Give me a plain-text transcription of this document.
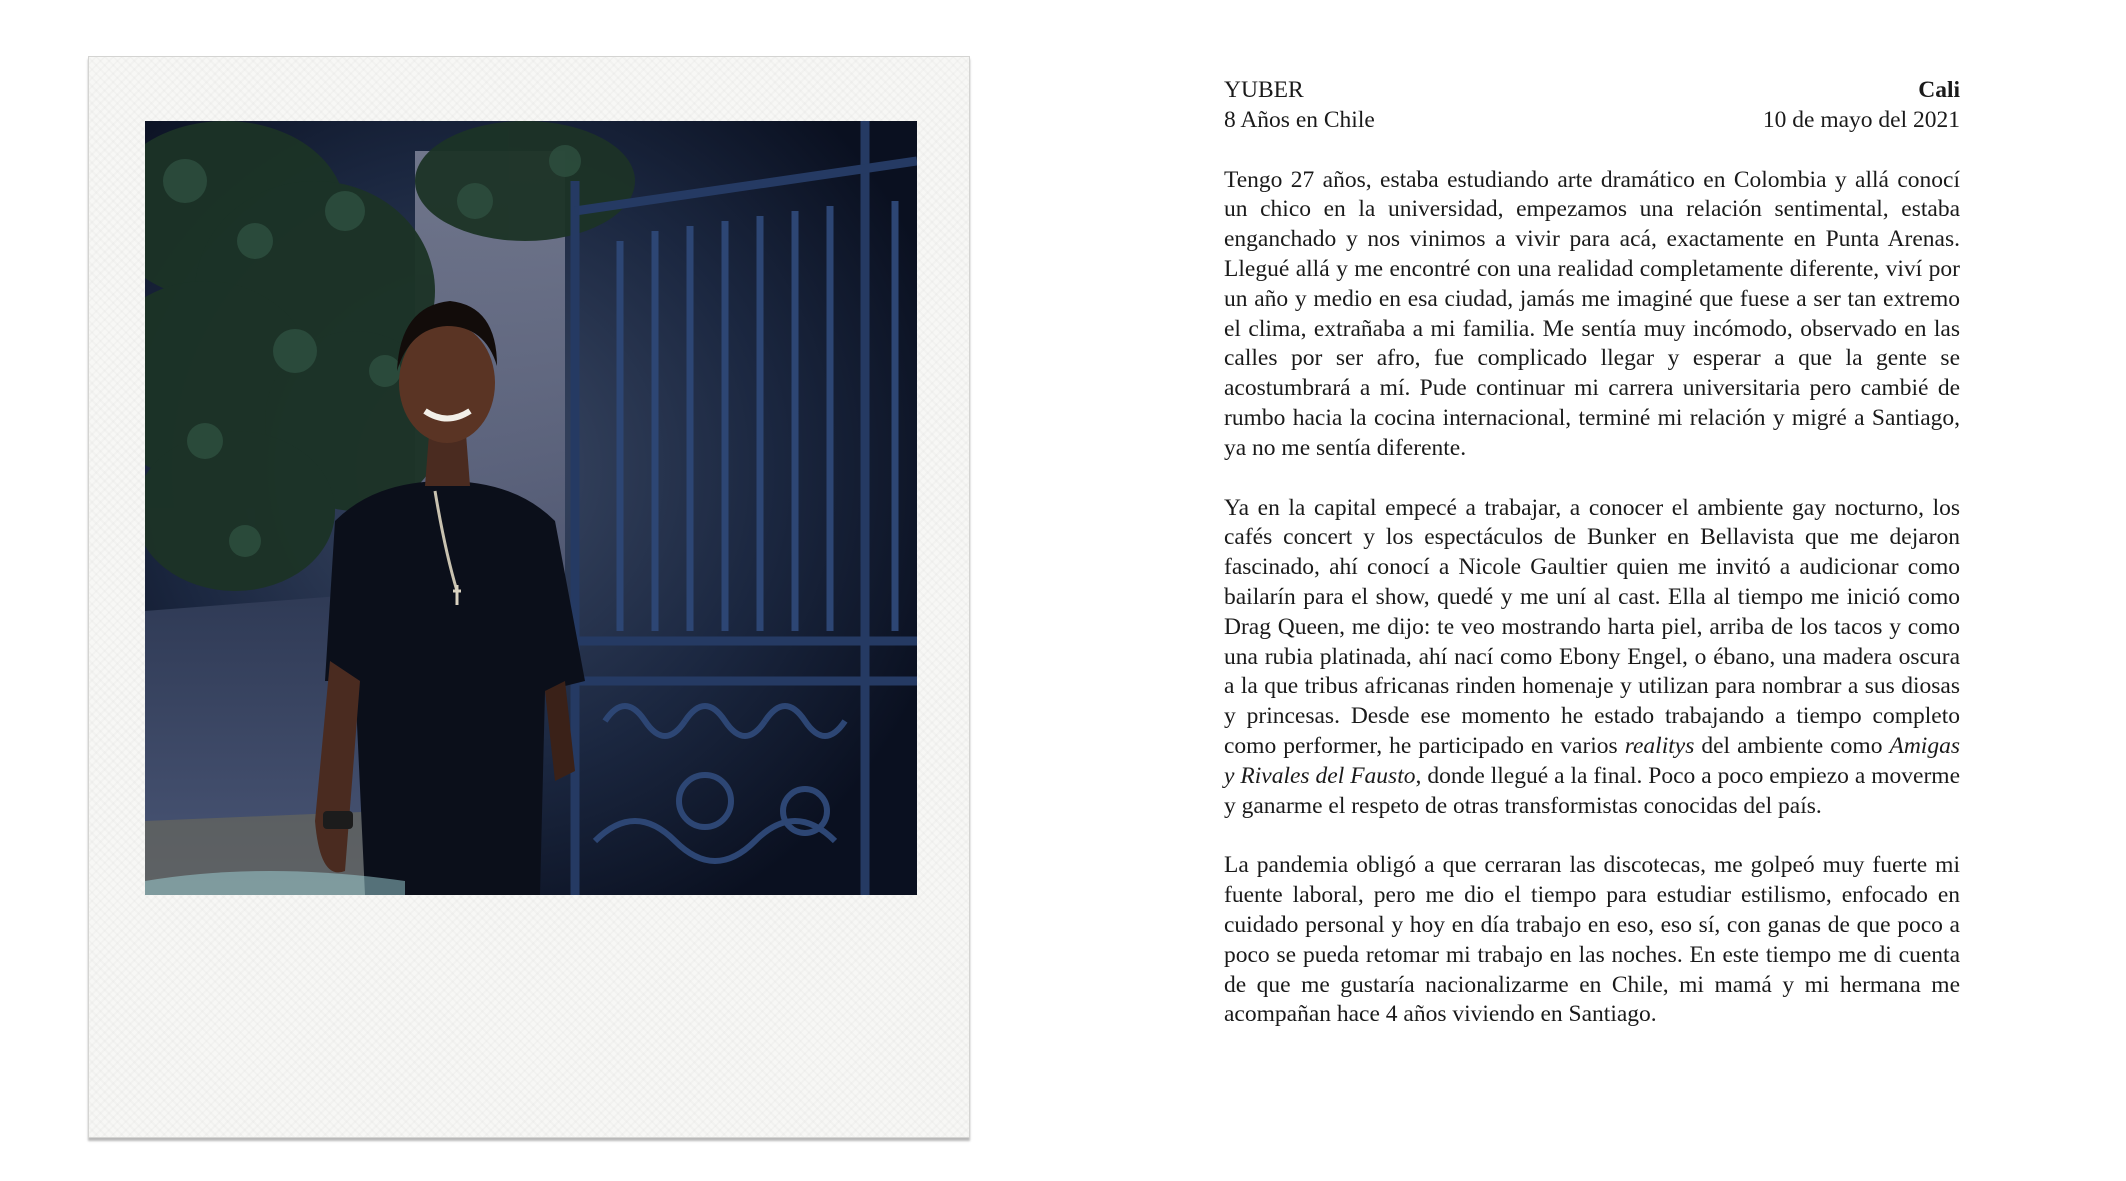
YUBER	Cali
8 Años en Chile	10 de mayo del 2021

Tengo 27 años, estaba estudiando arte dramático en Colombia y allá conocí un chico en la universidad, empezamos una relación sentimental, estaba enganchado y nos vinimos a vivir para acá, exactamente en Punta Arenas. Llegué allá y me encontré con una realidad completamente diferente, viví por un año y medio en esa ciudad, jamás me imaginé que fuese a ser tan extremo el clima, extrañaba a mi familia. Me sentía muy incómodo, observado en las calles por ser afro, fue complicado llegar y esperar a que la gente se acostumbrará a mí. Pude continuar mi carrera universitaria pero cambié de rumbo hacia la cocina internacional, terminé mi relación y migré a Santiago, ya no me sentía diferente.

Ya en la capital empecé a trabajar, a conocer el ambiente gay nocturno, los cafés concert y los espectáculos de Bunker en Bellavista que me dejaron fascinado, ahí conocí a Nicole Gaultier quien me invitó a audicionar como bailarín para el show, quedé y me uní al cast. Ella al tiempo me inició como Drag Queen, me dijo: te veo mostrando harta piel, arriba de los tacos y como una rubia platinada, ahí nací como Ebony Engel, o ébano, una madera oscura a la que tribus africanas rinden homenaje y utilizan para nombrar a sus diosas y princesas. Desde ese momento he estado trabajando a tiempo completo como performer, he participado en varios realitys del ambiente como Amigas y Rivales del Fausto, donde llegué a la final. Poco a poco empiezo a moverme y ganarme el respeto de otras transformistas conocidas del país.

La pandemia obligó a que cerraran las discotecas, me golpeó muy fuerte mi fuente laboral, pero me dio el tiempo para estudiar estilismo, enfocado en cuidado personal y hoy en día trabajo en eso, eso sí, con ganas de que poco a poco se pueda retomar mi trabajo en las noches. En este tiempo me di cuenta de que me gustaría nacionalizarme en Chile, mi mamá y mi hermana me acompañan hace 4 años viviendo en Santiago.
